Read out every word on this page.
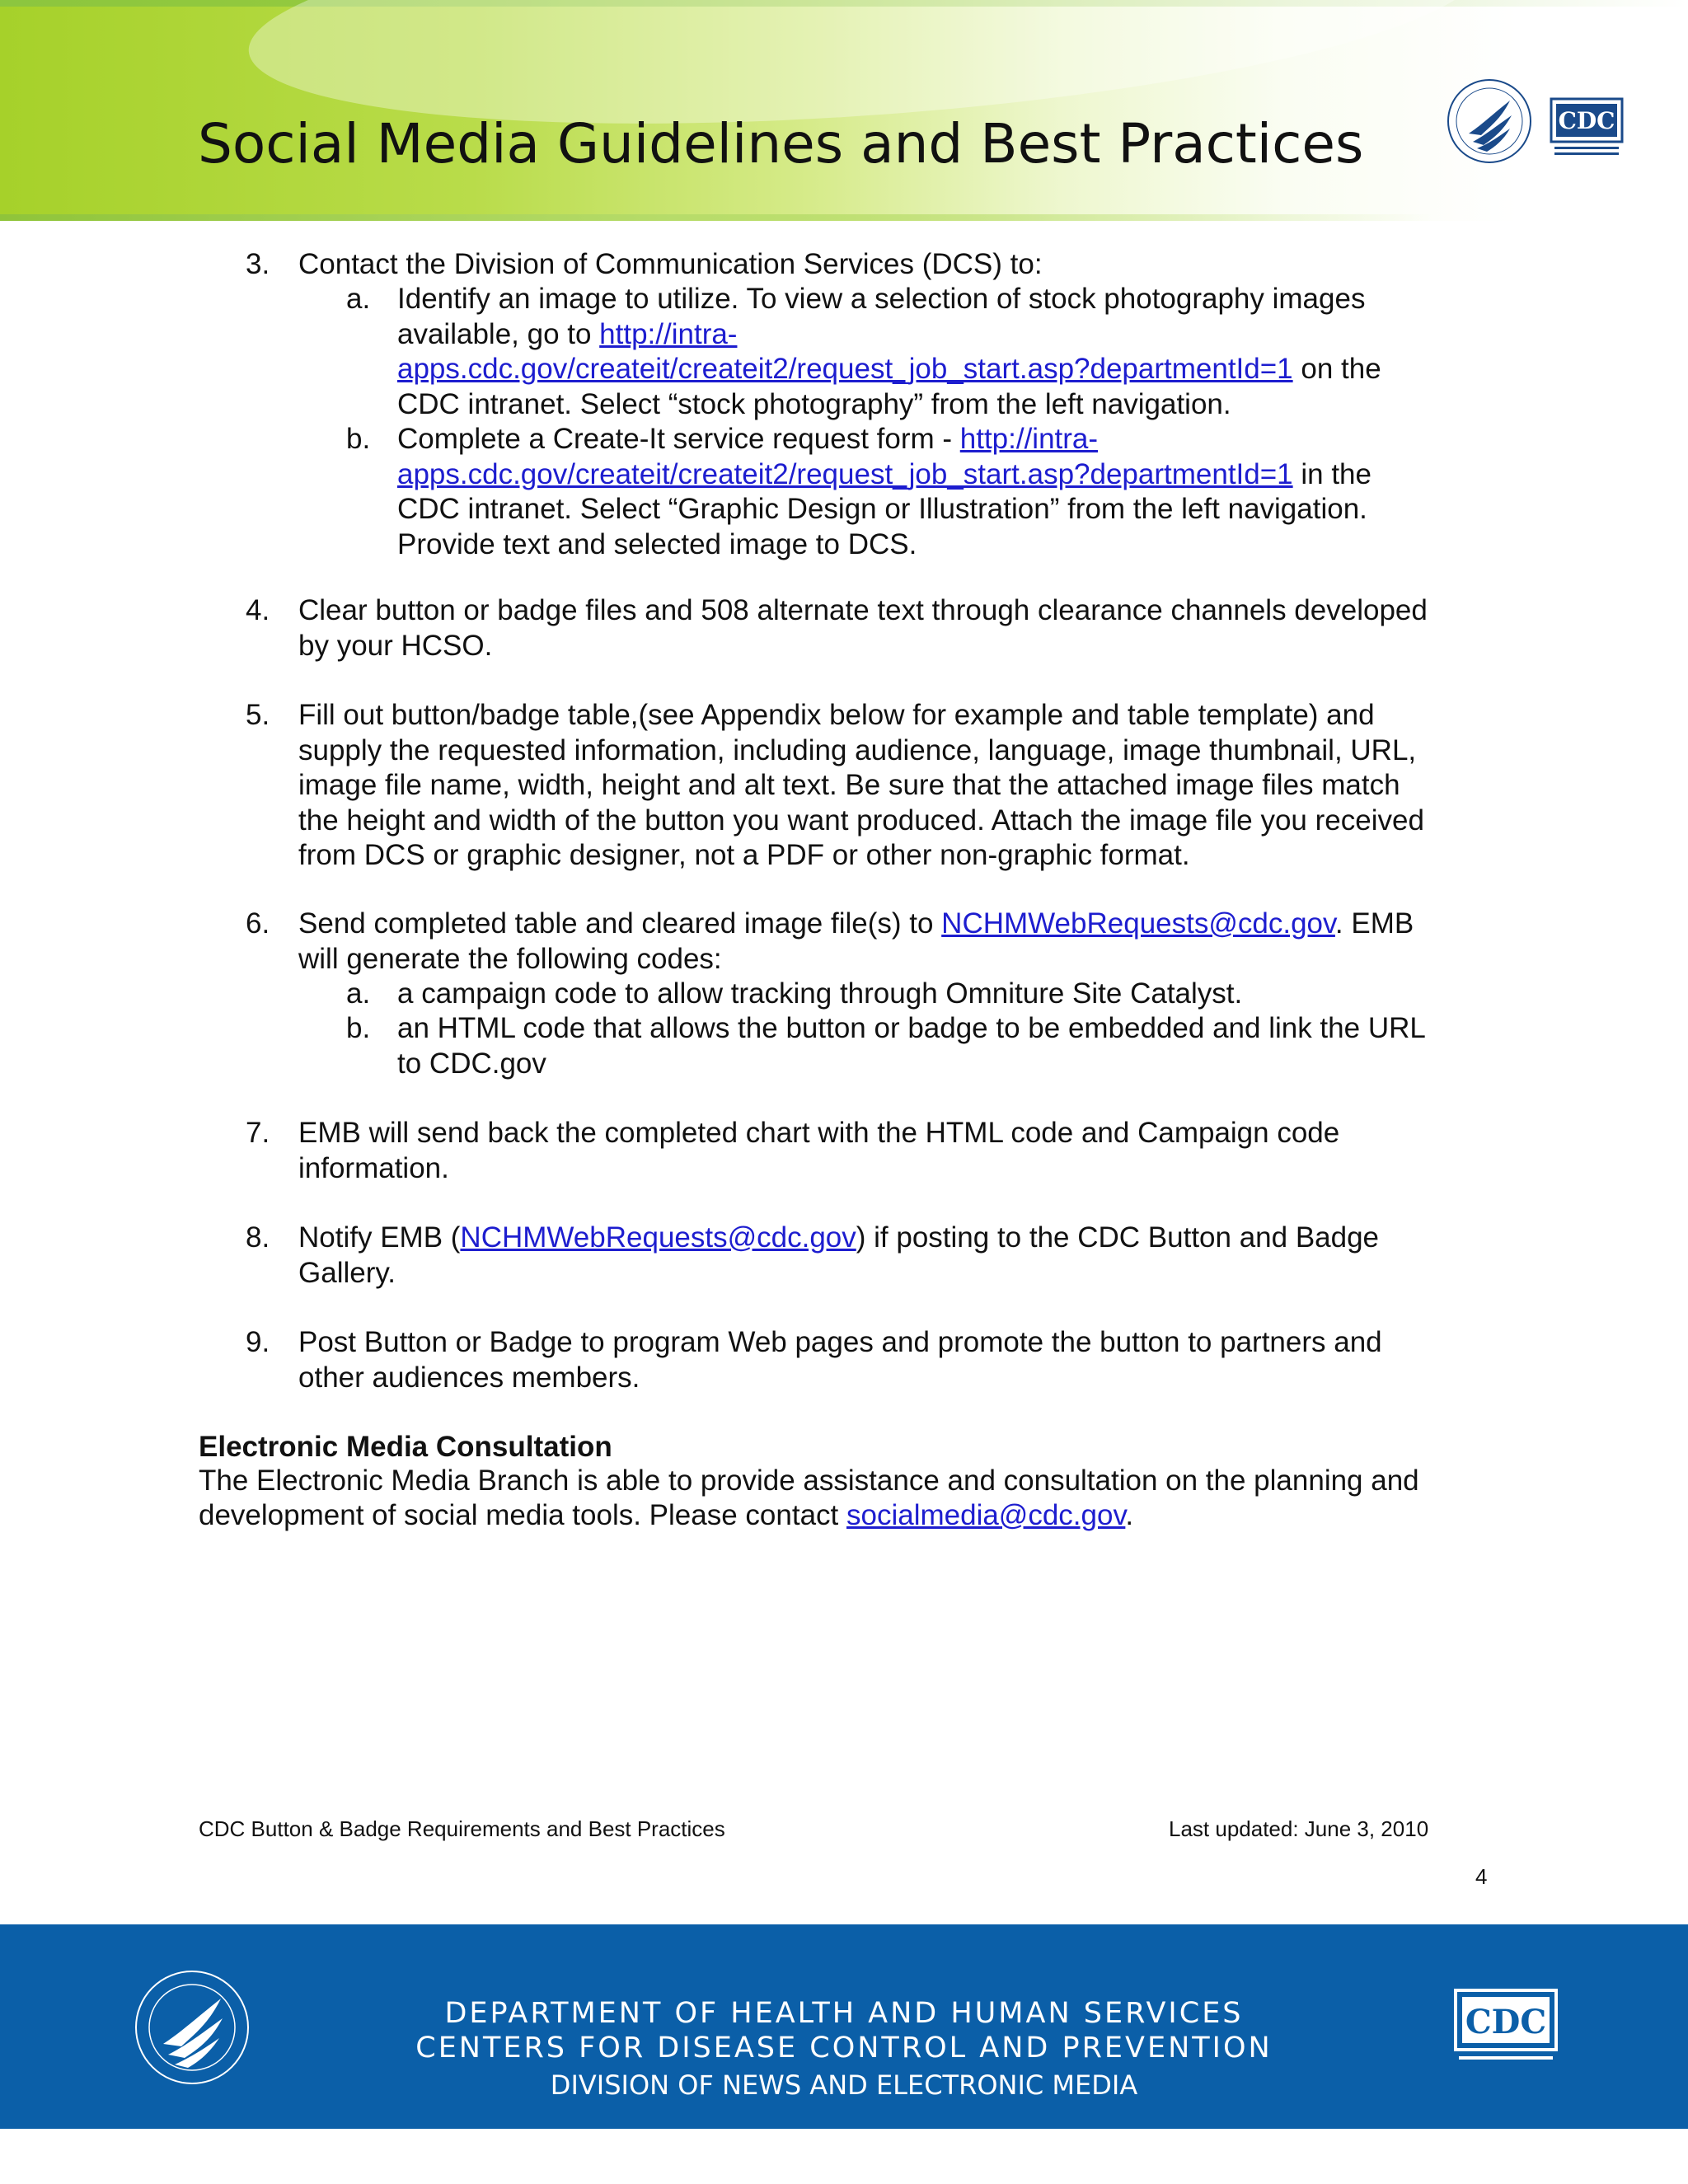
Social Media Guidelines and Best Practices	CDC
3. Contact the Division of Communication Services (DCS) to:
a. Identify an image to utilize. To view a selection of stock photography images
available, go to http://intra-
apps.cdc.gov/createit/createit2/request_job_start.asp?departmentId=1 on the
CDC intranet. Select “stock photography” from the left navigation.
b. Complete a Create-It service request form - http://intra-
apps.cdc.gov/createit/createit2/request_job_start.asp?departmentId=1 in the
CDC intranet. Select “Graphic Design or Illustration” from the left navigation.
Provide text and selected image to DCS.
4. Clear button or badge files and 508 alternate text through clearance channels developed
by your HCSO.
5. Fill out button/badge table,(see Appendix below for example and table template) and
supply the requested information, including audience, language, image thumbnail, URL,
image file name, width, height and alt text. Be sure that the attached image files match
the height and width of the button you want produced. Attach the image file you received
from DCS or graphic designer, not a PDF or other non-graphic format.
6. Send completed table and cleared image file(s) to NCHMWebRequests@cdc.gov. EMB
will generate the following codes:
a. a campaign code to allow tracking through Omniture Site Catalyst.
b. an HTML code that allows the button or badge to be embedded and link the URL
to CDC.gov
7. EMB will send back the completed chart with the HTML code and Campaign code
information.
8. Notify EMB (NCHMWebRequests@cdc.gov) if posting to the CDC Button and Badge
Gallery.
9. Post Button or Badge to program Web pages and promote the button to partners and
other audiences members.
Electronic Media Consultation
The Electronic Media Branch is able to provide assistance and consultation on the planning and
development of social media tools. Please contact socialmedia@cdc.gov.
CDC Button & Badge Requirements and Best Practices	Last updated: June 3, 2010
4
DEPARTMENT OF HEALTH AND HUMAN SERVICES
CENTERS FOR DISEASE CONTROL AND PREVENTION
DIVISION OF NEWS AND ELECTRONIC MEDIA
CDC
